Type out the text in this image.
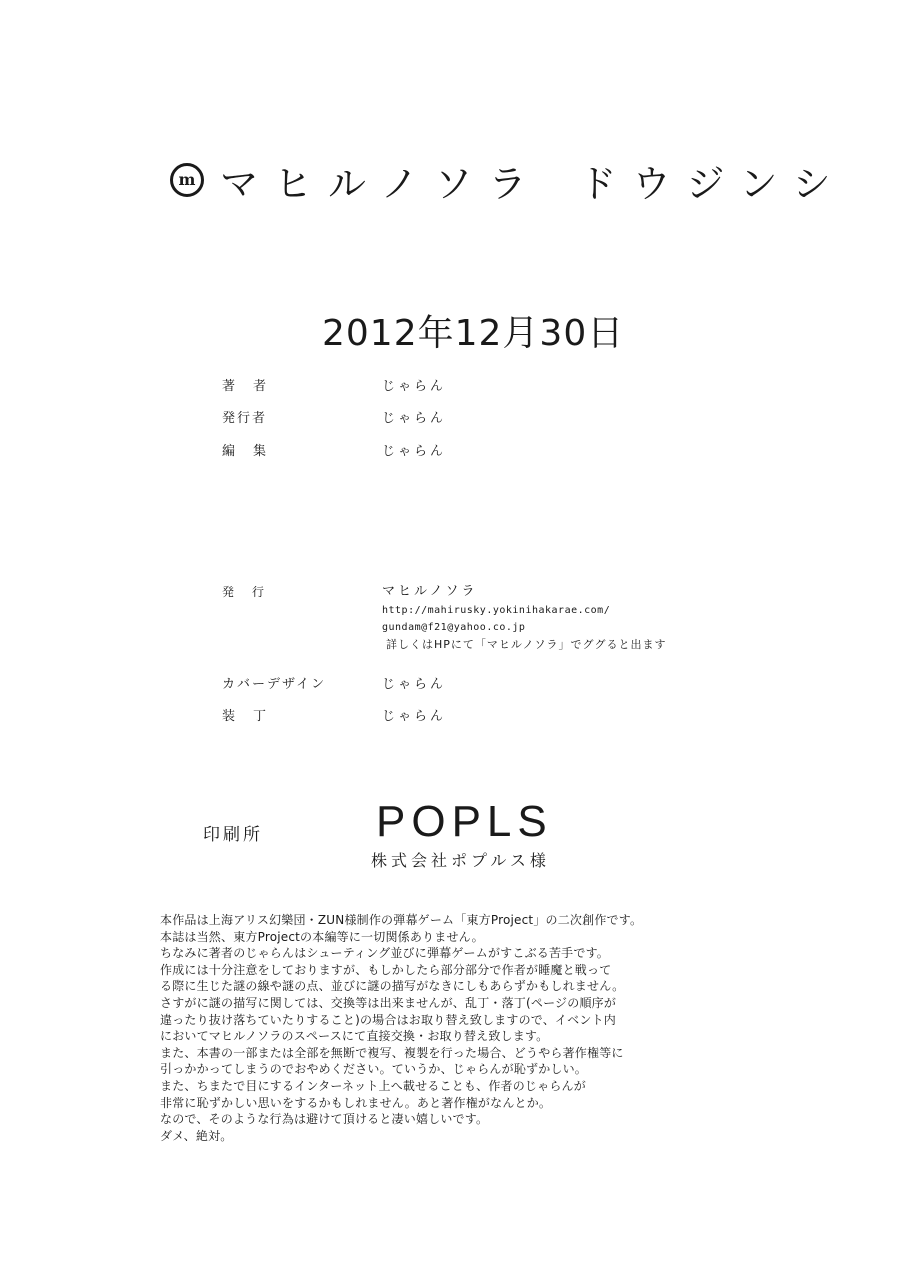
m マヒルノソラ ドウジンシ
2012年12月30日
著者	じゃらん
発行者	じゃらん
編集	じゃらん
発行	マヒルノソラ
http://mahirusky.yokinihakarae.com/
gundam@f21@yahoo.co.jp
詳しくはHPにて「マヒルノソラ」でググると出ます
カバーデザイン	じゃらん
装丁	じゃらん
印刷所	POPLS
株式会社ポプルス様

本作品は上海アリス幻樂団・ZUN様制作の弾幕ゲーム「東方Project」の二次創作です。

本誌は当然、東方Projectの本編等に一切関係ありません。

ちなみに著者のじゃらんはシューティング並びに弾幕ゲームがすこぶる苦手です。

作成には十分注意をしておりますが、もしかしたら部分部分で作者が睡魔と戦って

る際に生じた謎の線や謎の点、並びに謎の描写がなきにしもあらずかもしれません。

さすがに謎の描写に関しては、交換等は出来ませんが、乱丁・落丁(ページの順序が

違ったり抜け落ちていたりすること)の場合はお取り替え致しますので、イベント内

においてマヒルノソラのスペースにて直接交換・お取り替え致します。

また、本書の一部または全部を無断で複写、複製を行った場合、どうやら著作権等に

引っかかってしまうのでおやめください。ていうか、じゃらんが恥ずかしい。

また、ちまたで目にするインターネット上へ載せることも、作者のじゃらんが

非常に恥ずかしい思いをするかもしれません。あと著作権がなんとか。

なので、そのような行為は避けて頂けると凄い嬉しいです。

ダメ、絶対。
